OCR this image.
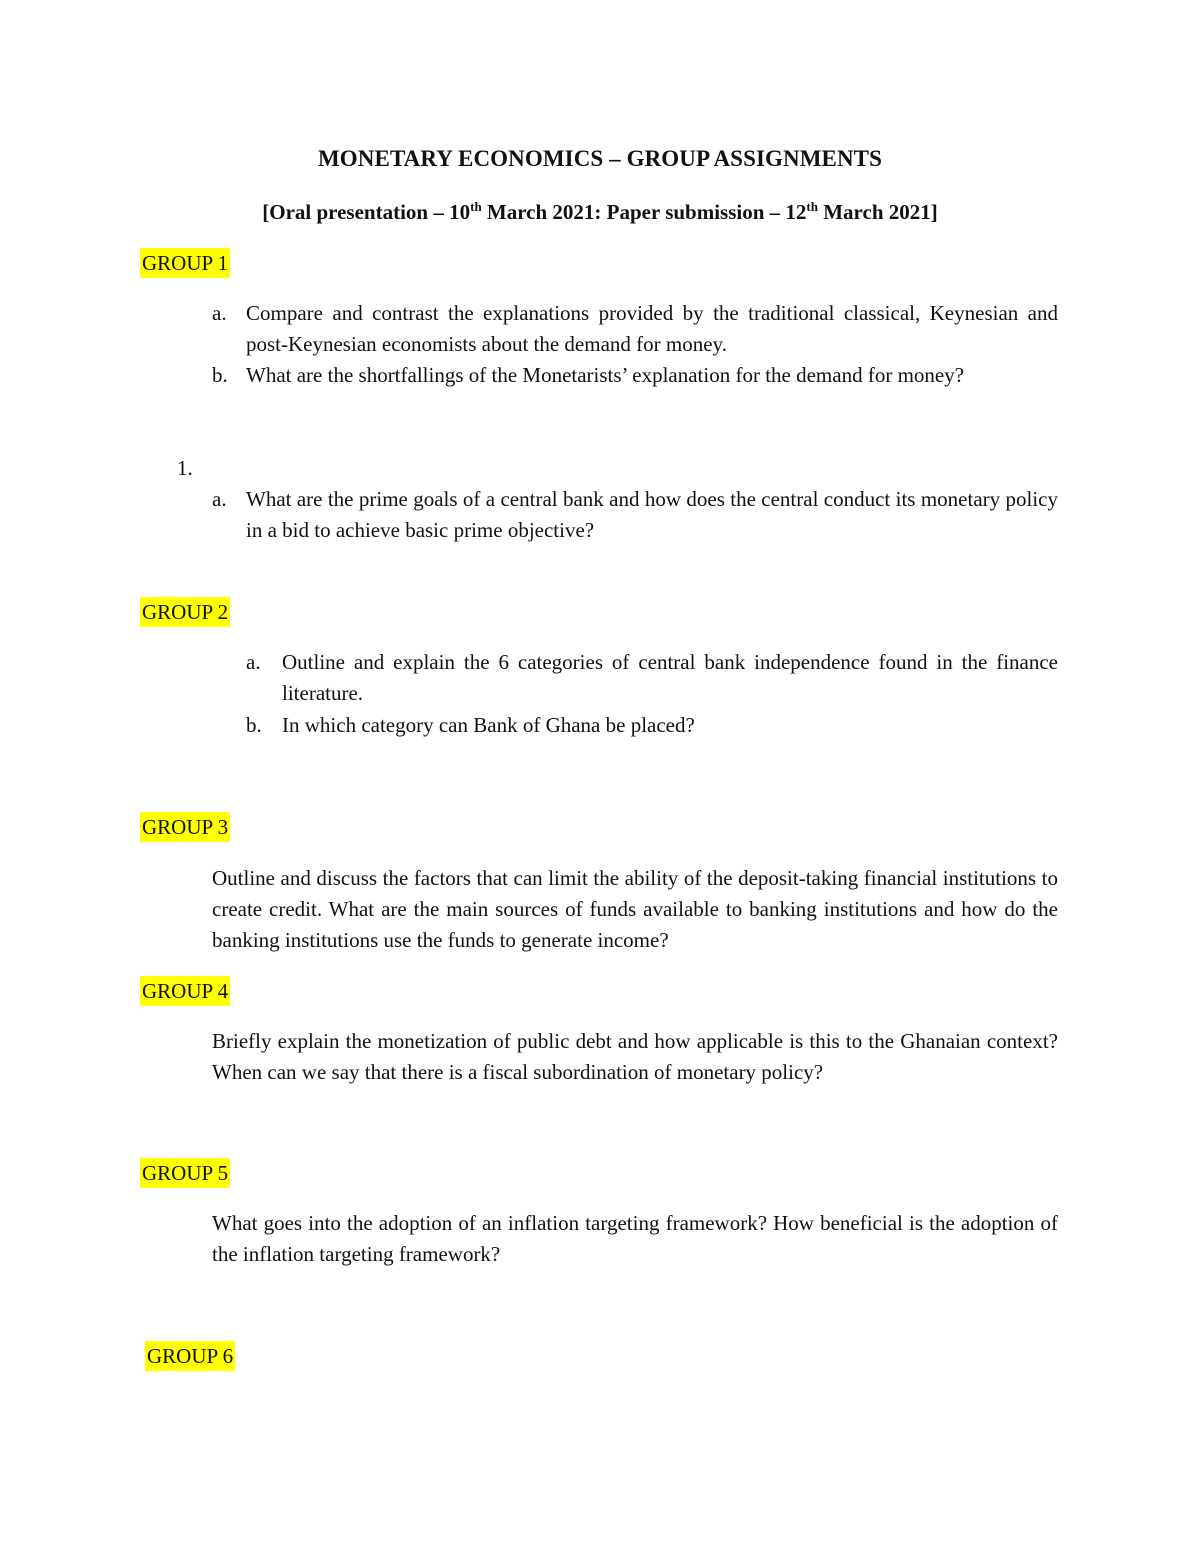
MONETARY ECONOMICS – GROUP ASSIGNMENTS
[Oral presentation – 10th March 2021: Paper submission – 12th March 2021]
GROUP 1
a. Compare and contrast the explanations provided by the traditional classical, Keynesian and post-Keynesian economists about the demand for money.
b. What are the shortfallings of the Monetarists’ explanation for the demand for money?
1.
a. What are the prime goals of a central bank and how does the central conduct its monetary policy in a bid to achieve basic prime objective?
GROUP 2
a. Outline and explain the 6 categories of central bank independence found in the finance literature.
b. In which category can Bank of Ghana be placed?
GROUP 3
Outline and discuss the factors that can limit the ability of the deposit-taking financial institutions to create credit. What are the main sources of funds available to banking institutions and how do the banking institutions use the funds to generate income?
GROUP 4
Briefly explain the monetization of public debt and how applicable is this to the Ghanaian context? When can we say that there is a fiscal subordination of monetary policy?
GROUP 5
What goes into the adoption of an inflation targeting framework? How beneficial is the adoption of the inflation targeting framework?
GROUP 6
